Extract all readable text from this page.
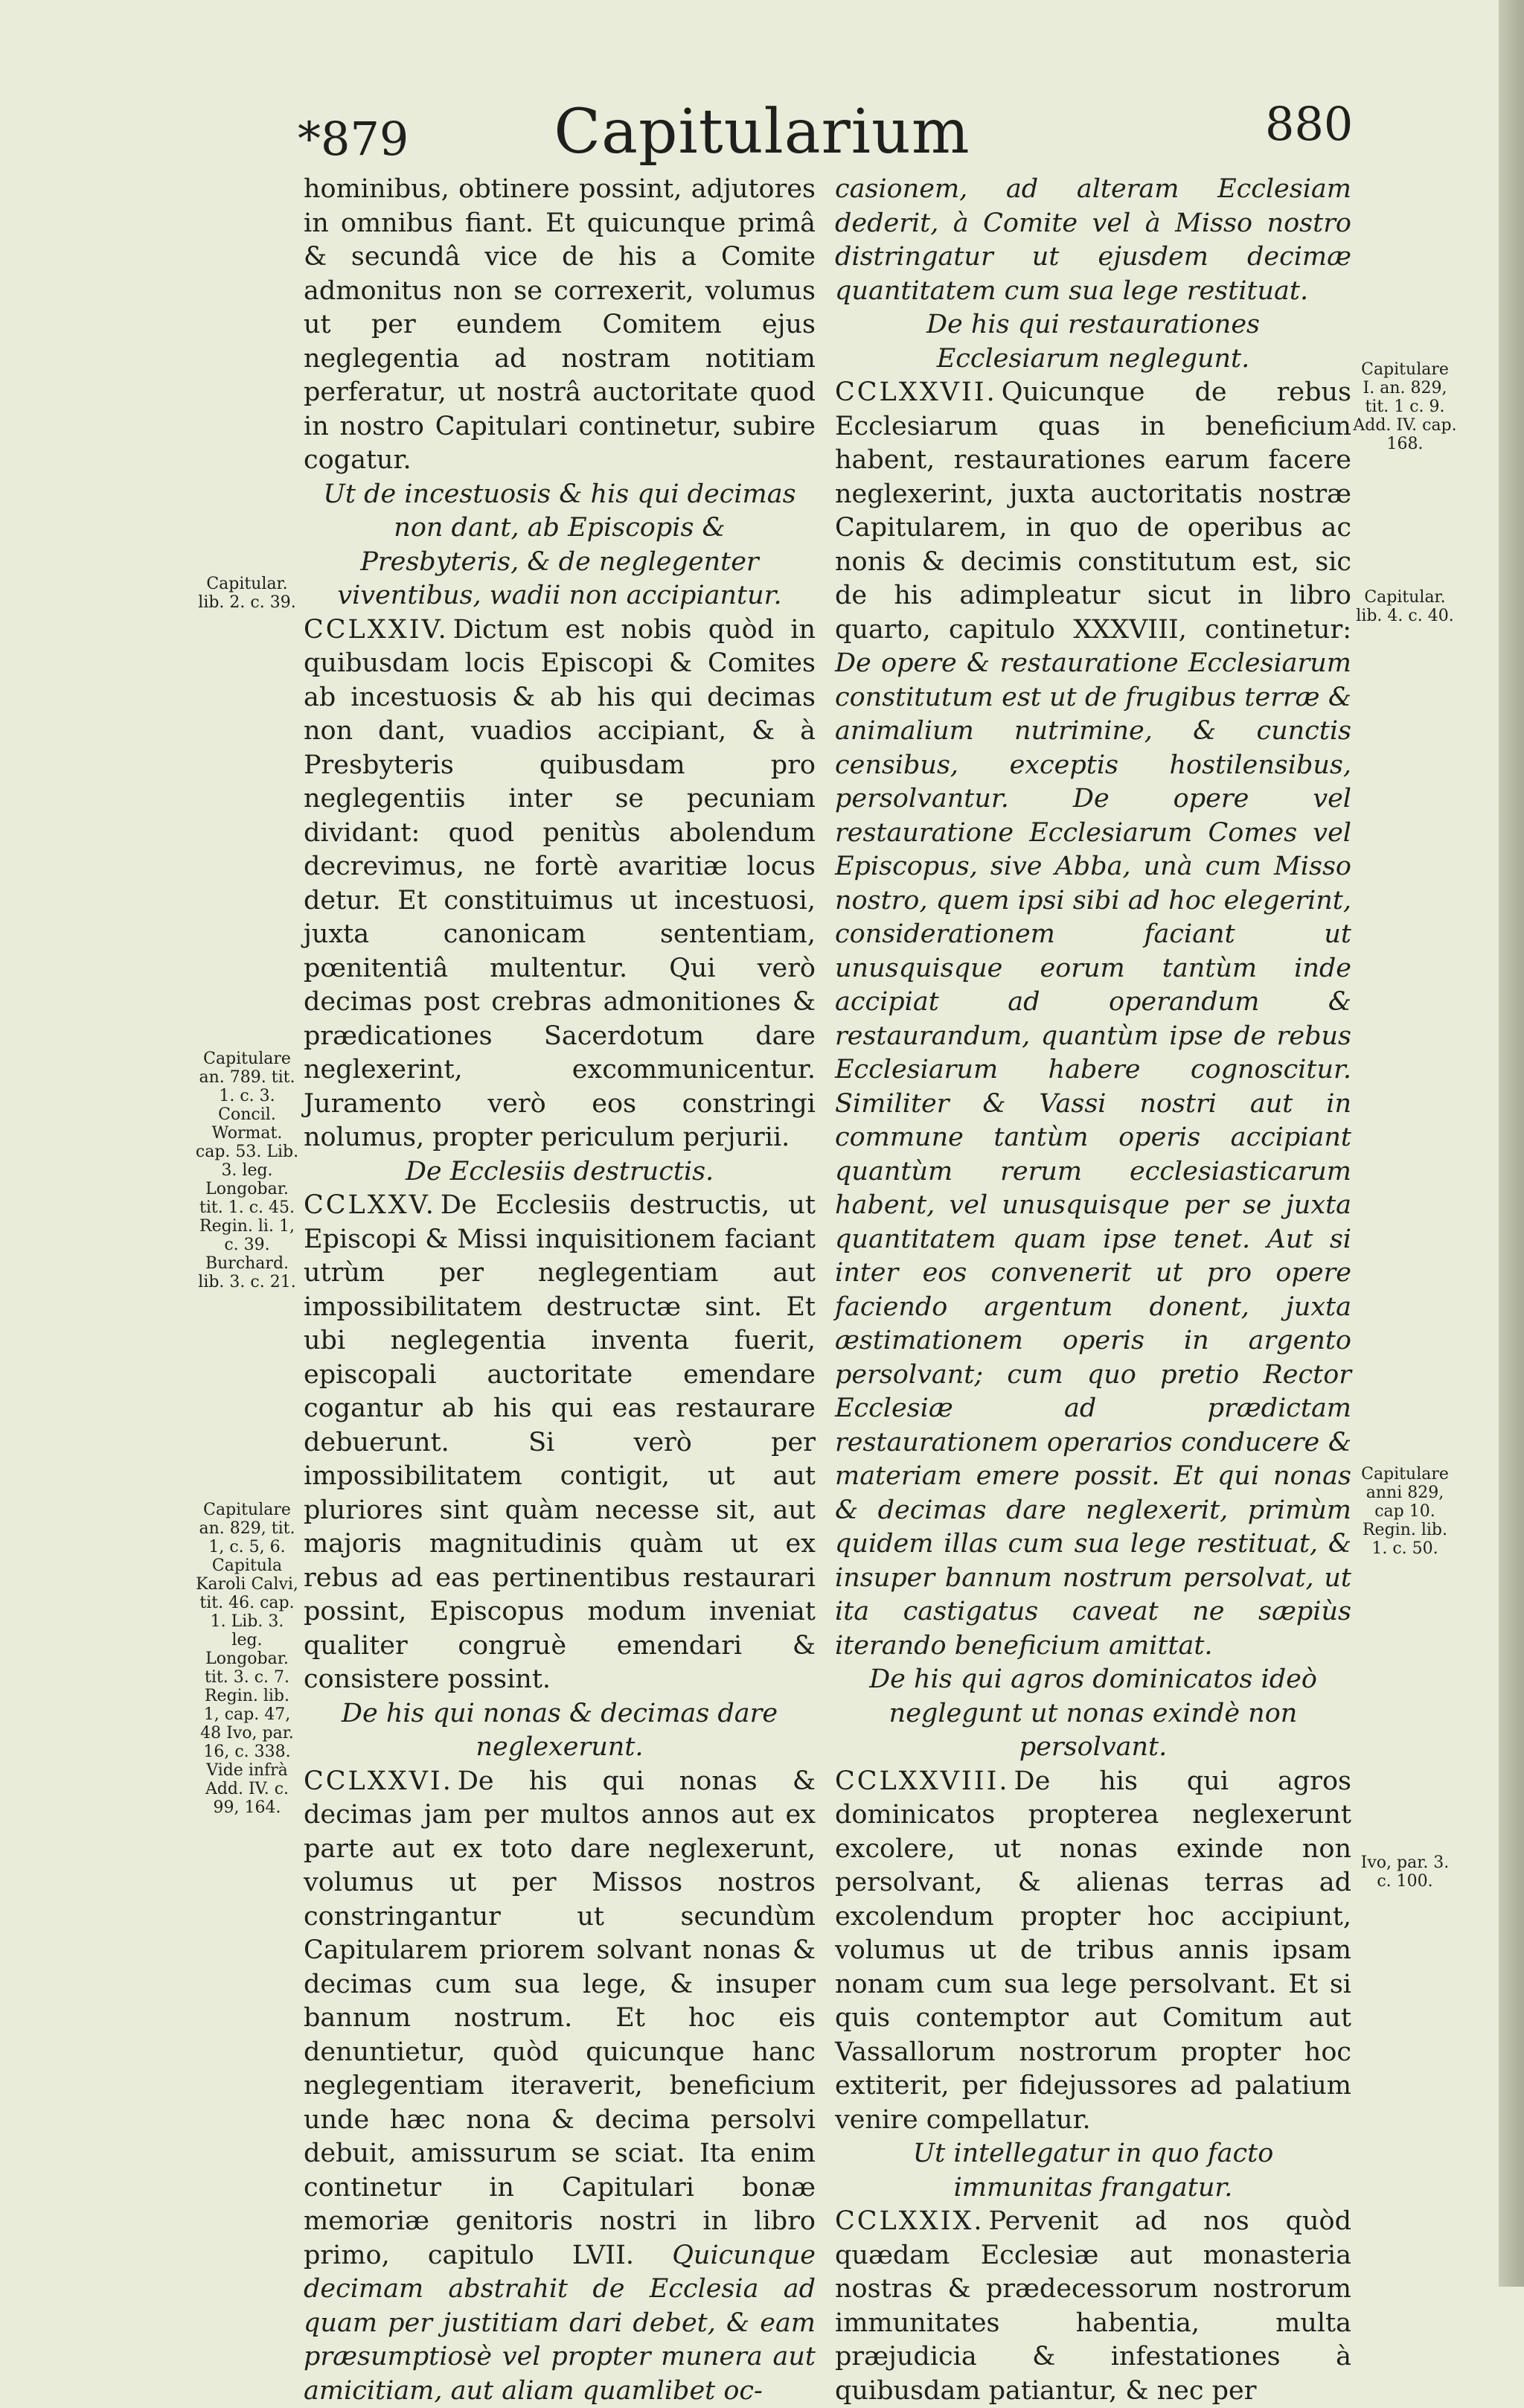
*879	Capitularium	880

hominibus, obtinere possint, adjutores in omnibus fiant. Et quicunque primâ & secundâ vice de his a Comite admonitus non se correxerit, volumus ut per eundem Comitem ejus neglegentia ad nostram notitiam perferatur, ut nostrâ auctoritate quod in nostro Capitulari continetur, subire cogatur.

Ut de incestuosis & his qui decimas non dant, ab Episcopis & Presbyteris, & de neglegenter viventibus, wadii non accipiantur.

CCLXXIV. Dictum est nobis quòd in quibusdam locis Episcopi & Comites ab incestuosis & ab his qui decimas non dant, vuadios accipiant, & à Presbyteris quibusdam pro neglegentiis inter se pecuniam dividant: quod penitùs abolendum decrevimus, ne fortè avaritiæ locus detur. Et constituimus ut incestuosi, juxta canonicam sententiam, pœnitentiâ multentur. Qui verò decimas post crebras admonitiones & prædicationes Sacerdotum dare neglexerint, excommunicentur. Juramento verò eos constringi nolumus, propter periculum perjurii.

De Ecclesiis destructis.

CCLXXV. De Ecclesiis destructis, ut Episcopi & Missi inquisitionem faciant utrùm per neglegentiam aut impossibilitatem destructæ sint. Et ubi neglegentia inventa fuerit, episcopali auctoritate emendare cogantur ab his qui eas restaurare debuerunt. Si verò per impossibilitatem contigit, ut aut pluriores sint quàm necesse sit, aut majoris magnitudinis quàm ut ex rebus ad eas pertinentibus restaurari possint, Episcopus modum inveniat qualiter congruè emendari & consistere possint.

De his qui nonas & decimas dare neglexerunt.

CCLXXVI. De his qui nonas & decimas jam per multos annos aut ex parte aut ex toto dare neglexerunt, volumus ut per Missos nostros constringantur ut secundùm Capitularem priorem solvant nonas & decimas cum sua lege, & insuper bannum nostrum. Et hoc eis denuntietur, quòd quicunque hanc neglegentiam iteraverit, beneficium unde hæc nona & decima persolvi debuit, amissurum se sciat. Ita enim continetur in Capitulari bonæ memoriæ genitoris nostri in libro primo, capitulo LVII. Quicunque decimam abstrahit de Ecclesia ad quam per justitiam dari debet, & eam præsumptiosè vel propter munera aut amicitiam, aut aliam quamlibet oc-

casionem, ad alteram Ecclesiam dederit, à Comite vel à Misso nostro distringatur ut ejusdem decimæ quantitatem cum sua lege restituat.

De his qui restaurationes Ecclesiarum neglegunt.

CCLXXVII. Quicunque de rebus Ecclesiarum quas in beneficium habent, restaurationes earum facere neglexerint, juxta auctoritatis nostræ Capitularem, in quo de operibus ac nonis & decimis constitutum est, sic de his adimpleatur sicut in libro quarto, capitulo XXXVIII, continetur: De opere & restauratione Ecclesiarum constitutum est ut de frugibus terræ & animalium nutrimine, & cunctis censibus, exceptis hostilensibus, persolvantur. De opere vel restauratione Ecclesiarum Comes vel Episcopus, sive Abba, unà cum Misso nostro, quem ipsi sibi ad hoc elegerint, considerationem faciant ut unusquisque eorum tantùm inde accipiat ad operandum & restaurandum, quantùm ipse de rebus Ecclesiarum habere cognoscitur. Similiter & Vassi nostri aut in commune tantùm operis accipiant quantùm rerum ecclesiasticarum habent, vel unusquisque per se juxta quantitatem quam ipse tenet. Aut si inter eos convenerit ut pro opere faciendo argentum donent, juxta æstimationem operis in argento persolvant; cum quo pretio Rector Ecclesiæ ad prædictam restaurationem operarios conducere & materiam emere possit. Et qui nonas & decimas dare neglexerit, primùm quidem illas cum sua lege restituat, & insuper bannum nostrum persolvat, ut ita castigatus caveat ne sæpiùs iterando beneficium amittat.

De his qui agros dominicatos ideò neglegunt ut nonas exindè non persolvant.

CCLXXVIII. De his qui agros dominicatos propterea neglexerunt excolere, ut nonas exinde non persolvant, & alienas terras ad excolendum propter hoc accipiunt, volumus ut de tribus annis ipsam nonam cum sua lege persolvant. Et si quis contemptor aut Comitum aut Vassallorum nostrorum propter hoc extiterit, per fidejussores ad palatium venire compellatur.

Ut intellegatur in quo facto immunitas frangatur.

CCLXXIX. Pervenit ad nos quòd quædam Ecclesiæ aut monasteria nostras & prædecessorum nostrorum immunitates habentia, multa præjudicia & infestationes à quibusdam patiantur, & nec per

Capitular. lib. 2. c. 39.
Capitulare an. 789. tit. 1. c. 3. Concil. Wormat. cap. 53. Lib. 3. leg. Longobar. tit. 1. c. 45. Regin. li. 1, c. 39. Burchard. lib. 3. c. 21.
Capitulare an. 829, tit. 1, c. 5, 6. Capitula Karoli Calvi, tit. 46. cap. 1. Lib. 3. leg. Longobar. tit. 3. c. 7. Regin. lib. 1, cap. 47, 48 Ivo, par. 16, c. 338. Vide infrà Add. IV. c. 99, 164.
Capitulare I. an. 829, tit. 1 c. 9. Add. IV. cap. 168.
Capitular. lib. 4. c. 40.
Capitulare anni 829, cap 10. Regin. lib. 1. c. 50.
Ivo, par. 3. c. 100.
